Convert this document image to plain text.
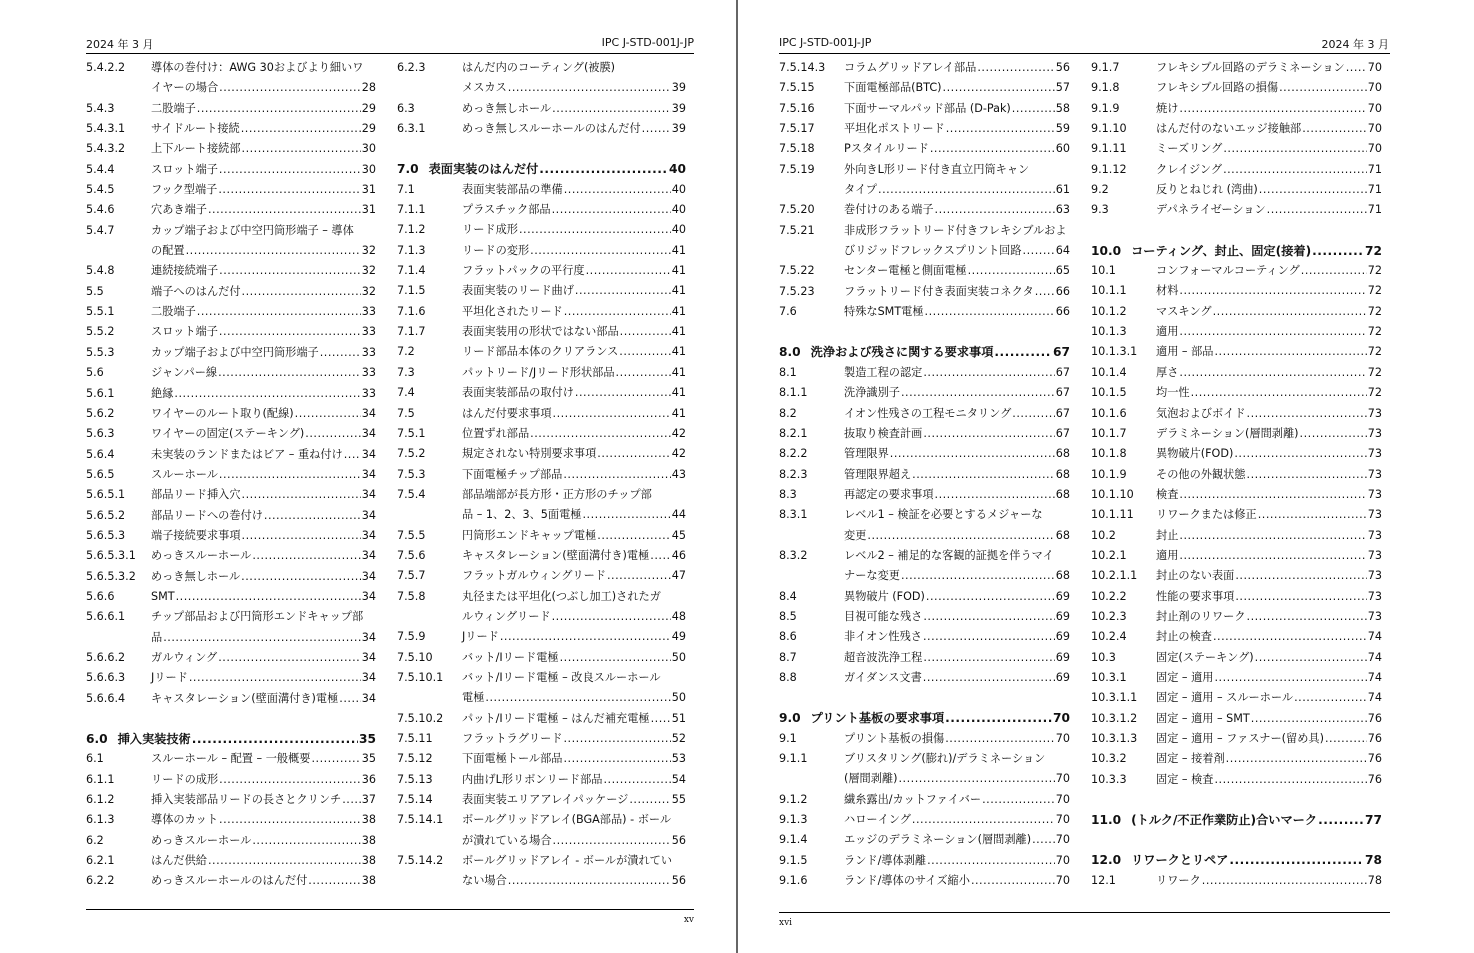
2024 年 3 月	IPC J-STD-001J-JP
5.4.2.2 導体の巻付け：AWG 30およびより細いワ
イヤーの場合 .....	28
5.4.3	二股端子 .....	29
5.4.3.1 サイドルート接続 .....	29
5.4.3.2 上下ルート接続部 .....	30
5.4.4	スロット端子 .....	30
5.4.5	フック型端子 .....	31
5.4.6	穴あき端子 .....	31
5.4.7	カップ端子および中空円筒形端子 – 導体
の配置 .....	32
5.4.8	連続接続端子 .....	32
5.5	端子へのはんだ付 .....	32
5.5.1	二股端子 .....	33
5.5.2	スロット端子 .....	33
5.5.3	カップ端子および中空円筒形端子 .....	33
5.6	ジャンパー線 .....	33
5.6.1	絶縁 .....	33
5.6.2	ワイヤーのルート取り(配線) .....	34
5.6.3	ワイヤーの固定(ステーキング) .....	34
5.6.4	未実装のランドまたはビア – 重ね付け ..... 34
5.6.5	スルーホール .....	34
5.6.5.1 部品リード挿入穴 .....	34
5.6.5.2 部品リードへの巻付け .....	34
5.6.5.3 端子接続要求事項 .....	34
5.6.5.3.1 めっきスルーホール .....	34
5.6.5.3.2 めっき無しホール .....	34
5.6.6	SMT .....	34
5.6.6.1 チップ部品および円筒形エンドキャップ部
品 .....	34
5.6.6.2 ガルウィング .....	34
5.6.6.3 Jリード .....	34
5.6.6.4 キャスタレーション(壁面溝付き)電極 ..... 34
6.0 挿入実装技術 .....	35
6.1	スルーホール – 配置 – 一般概要 .....	35
6.1.1	リードの成形 .....	36
6.1.2	挿入実装部品リードの長さとクリンチ ..... 37
6.1.3	導体のカット .....	38
6.2	めっきスルーホール .....	38
6.2.1	はんだ供給 .....	38
6.2.2	めっきスルーホールのはんだ付 .....	38
6.2.3	はんだ内のコーティング(被膜)
メスカス .....	39
6.3	めっき無しホール .....	39
6.3.1	めっき無しスルーホールのはんだ付 .....	39
7.0 表面実装のはんだ付 .....	40
7.1	表面実装部品の準備 .....	40
7.1.1	プラスチック部品 .....	40
7.1.2	リード成形 .....	40
7.1.3	リードの変形 .....	41
7.1.4	フラットパックの平行度 .....	41
7.1.5	表面実装のリード曲げ .....	41
7.1.6	平坦化されたリード .....	41
7.1.7	表面実装用の形状ではない部品 .....	41
7.2	リード部品本体のクリアランス .....	41
7.3	パットリード/Jリード形状部品 .....	41
7.4	表面実装部品の取付け .....	41
7.5	はんだ付要求事項 .....	41
7.5.1	位置ずれ部品 .....	42
7.5.2	規定されない特別要求事項 .....	42
7.5.3	下面電極チップ部品 .....	43
7.5.4	部品端部が長方形・正方形のチップ部
品 – 1、2、3、5面電極 .....	44
7.5.5	円筒形エンドキャップ電極 .....	45
7.5.6	キャスタレーション(壁面溝付き)電極 ..... 46
7.5.7	フラットガルウィングリード .....	47
7.5.8	丸径または平坦化(つぶし加工)されたガ
ルウィングリード .....	48
7.5.9	Jリード .....	49
7.5.10	バット/Iリード電極 .....	50
7.5.10.1 バット/Iリード電極 – 改良スルーホール
電極 .....	50
7.5.10.2 パット/Iリード電極 – はんだ補充電極 ..... 51
7.5.11	フラットラグリード .....	52
7.5.12	下面電極トール部品 .....	53
7.5.13	内曲げL形リボンリード部品 .....	54
7.5.14	表面実装エリアアレイパッケージ .....	55
7.5.14.1 ボールグリッドアレイ(BGA部品) - ボール
が潰れている場合 .....	56
7.5.14.2 ボールグリッドアレイ - ボールが潰れてい
ない場合 .....	56
xv
IPC J-STD-001J-JP	2024 年 3 月
7.5.14.3 コラムグリッドアレイ部品 .....	56
7.5.15	下面電極部品(BTC) .....	57
7.5.16	下面サーマルパッド部品 (D-Pak) .....	58
7.5.17	平坦化ポストリード .....	59
7.5.18	Pスタイルリード .....	60
7.5.19	外向きL形リード付き直立円筒キャン
タイプ .....	61
7.5.20	巻付けのある端子 .....	63
7.5.21	非成形フラットリード付きフレキシブルおよ
びリジッドフレックスプリント回路 .....	64
7.5.22	センター電極と側面電極 .....	65
7.5.23	フラットリード付き表面実装コネクタ ..... 66
7.6	特殊なSMT電極 .....	66
8.0 洗浄および残さに関する要求事項 .....	67
8.1	製造工程の認定 .....	67
8.1.1	洗浄識別子 .....	67
8.2	イオン性残さの工程モニタリング .....	67
8.2.1	抜取り検査計画 .....	67
8.2.2	管理限界 .....	68
8.2.3	管理限界超え .....	68
8.3	再認定の要求事項 .....	68
8.3.1	レベル1 – 検証を必要とするメジャーな
変更 .....	68
8.3.2	レベル2 – 補足的な客観的証拠を伴うマイ
ナーな変更 .....	68
8.4	異物破片 (FOD) .....	69
8.5	目視可能な残さ .....	69
8.6	非イオン性残さ .....	69
8.7	超音波洗浄工程 .....	69
8.8	ガイダンス文書 .....	69
9.0 プリント基板の要求事項 .....	70
9.1	プリント基板の損傷 .....	70
9.1.1	ブリスタリング(膨れ)/デラミネーション
(層間剥離) .....	70
9.1.2	繊糸露出/カットファイバー .....	70
9.1.3	ハローイング .....	70
9.1.4	エッジのデラミネーション(層間剥離) ..... 70
9.1.5	ランド/導体剥離 .....	70
9.1.6	ランド/導体のサイズ縮小 .....	70
9.1.7	フレキシブル回路のデラミネーション ..... 70
9.1.8	フレキシブル回路の損傷 .....	70
9.1.9	焼け .....	70
9.1.10	はんだ付のないエッジ接触部 .....	70
9.1.11	ミーズリング .....	70
9.1.12	クレイジング .....	71
9.2	反りとねじれ (湾曲) .....	71
9.3	デパネライゼーション .....	71
10.0 コーティング、封止、固定(接着) .....	72
10.1	コンフォーマルコーティング .....	72
10.1.1	材料 .....	72
10.1.2	マスキング .....	72
10.1.3	適用 .....	72
10.1.3.1 適用 – 部品 .....	72
10.1.4	厚さ .....	72
10.1.5	均一性 .....	72
10.1.6	気泡およびボイド .....	73
10.1.7	デラミネーション(層間剥離) .....	73
10.1.8	異物破片(FOD) .....	73
10.1.9	その他の外観状態 .....	73
10.1.10 検査 .....	73
10.1.11 リワークまたは修正 .....	73
10.2	封止 .....	73
10.2.1	適用 .....	73
10.2.1.1 封止のない表面 .....	73
10.2.2	性能の要求事項 .....	73
10.2.3	封止剤のリワーク .....	73
10.2.4	封止の検査 .....	74
10.3	固定(ステーキング) .....	74
10.3.1	固定 – 適用 .....	74
10.3.1.1 固定 – 適用 – スルーホール .....	74
10.3.1.2 固定 – 適用 – SMT .....	76
10.3.1.3 固定 – 適用 – ファスナー(留め具) .....	76
10.3.2	固定 – 接着剤 .....	76
10.3.3	固定 – 検査 .....	76
11.0 (トルク/不正作業防止)合いマーク .....	77
12.0 リワークとリペア .....	78
12.1	リワーク .....	78
xvi
